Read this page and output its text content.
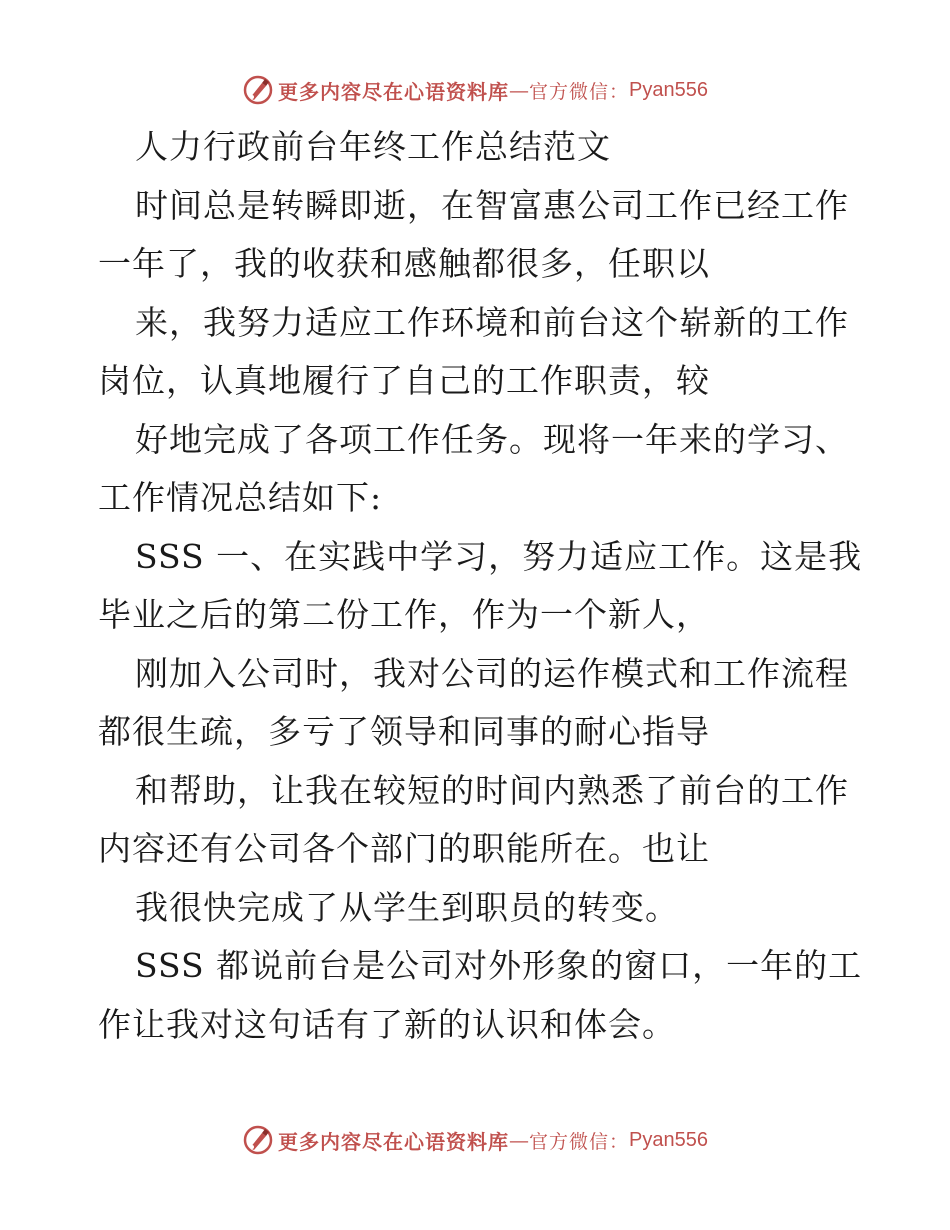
更多内容尽在心语资料库 — 官方微信： Pyan556
人力行政前台年终工作总结范文
时间总是转瞬即逝，在智富惠公司工作已经工作
一年了，我的收获和感触都很多，任职以
来，我努力适应工作环境和前台这个崭新的工作
岗位，认真地履行了自己的工作职责，较
好地完成了各项工作任务。现将一年来的学习、
工作情况总结如下:
SSS 一、在实践中学习，努力适应工作。这是我
毕业之后的第二份工作，作为一个新人，
刚加入公司时，我对公司的运作模式和工作流程
都很生疏，多亏了领导和同事的耐心指导
和帮助，让我在较短的时间内熟悉了前台的工作
内容还有公司各个部门的职能所在。也让
我很快完成了从学生到职员的转变。
SSS 都说前台是公司对外形象的窗口，一年的工
作让我对这句话有了新的认识和体会。
更多内容尽在心语资料库 — 官方微信： Pyan556
